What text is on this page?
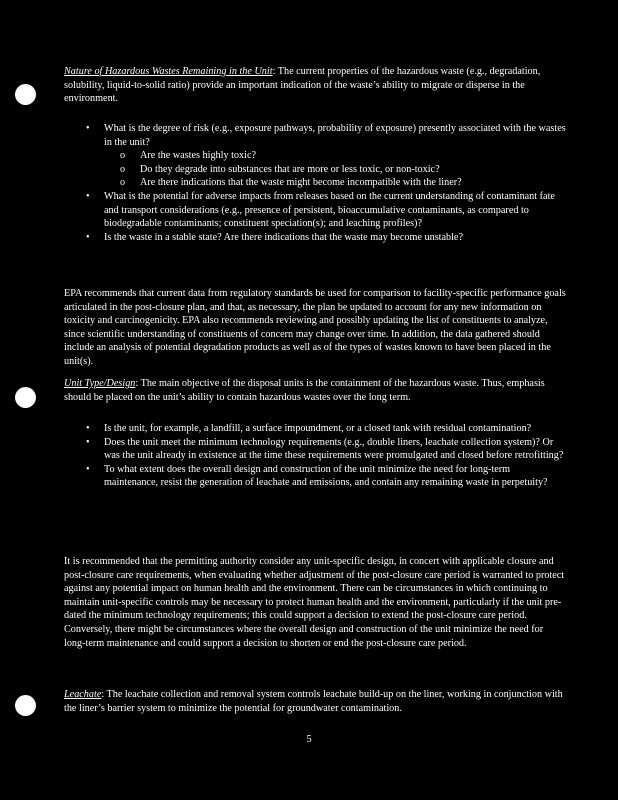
Nature of Hazardous Wastes Remaining in the Unit: The current properties of the hazardous waste (e.g., degradation, solubility, liquid-to-solid ratio) provide an important indication of the waste’s ability to migrate or disperse in the environment.

• What is the degree of risk (e.g., exposure pathways, probability of exposure) presently associated with the wastes in the unit?
o Are the wastes highly toxic?
o Do they degrade into substances that are more or less toxic, or non-toxic?
o Are there indications that the waste might become incompatible with the liner?
• What is the potential for adverse impacts from releases based on the current understanding of contaminant fate and transport considerations (e.g., presence of persistent, bioaccumulative contaminants, as compared to biodegradable contaminants; constituent speciation(s); and leaching profiles)?
• Is the waste in a stable state? Are there indications that the waste may become unstable?

EPA recommends that current data from regulatory standards be used for comparison to facility-specific performance goals articulated in the post-closure plan, and that, as necessary, the plan be updated to account for any new information on toxicity and carcinogenicity. EPA also recommends reviewing and possibly updating the list of constituents to analyze, since scientific understanding of constituents of concern may change over time. In addition, the data gathered should include an analysis of potential degradation products as well as of the types of wastes known to have been placed in the unit(s).

Unit Type/Design: The main objective of the disposal units is the containment of the hazardous waste. Thus, emphasis should be placed on the unit’s ability to contain hazardous wastes over the long term.

• Is the unit, for example, a landfill, a surface impoundment, or a closed tank with residual contamination?
• Does the unit meet the minimum technology requirements (e.g., double liners, leachate collection system)? Or was the unit already in existence at the time these requirements were promulgated and closed before retrofitting?
• To what extent does the overall design and construction of the unit minimize the need for long-term maintenance, resist the generation of leachate and emissions, and contain any remaining waste in perpetuity?

It is recommended that the permitting authority consider any unit-specific design, in concert with applicable closure and post-closure care requirements, when evaluating whether adjustment of the post-closure care period is warranted to protect against any potential impact on human health and the environment. There can be circumstances in which continuing to maintain unit-specific controls may be necessary to protect human health and the environment, particularly if the unit pre-dated the minimum technology requirements; this could support a decision to extend the post-closure care period. Conversely, there might be circumstances where the overall design and construction of the unit minimize the need for long-term maintenance and could support a decision to shorten or end the post-closure care period.

Leachate: The leachate collection and removal system controls leachate build-up on the liner, working in conjunction with the liner’s barrier system to minimize the potential for groundwater contamination.

5
